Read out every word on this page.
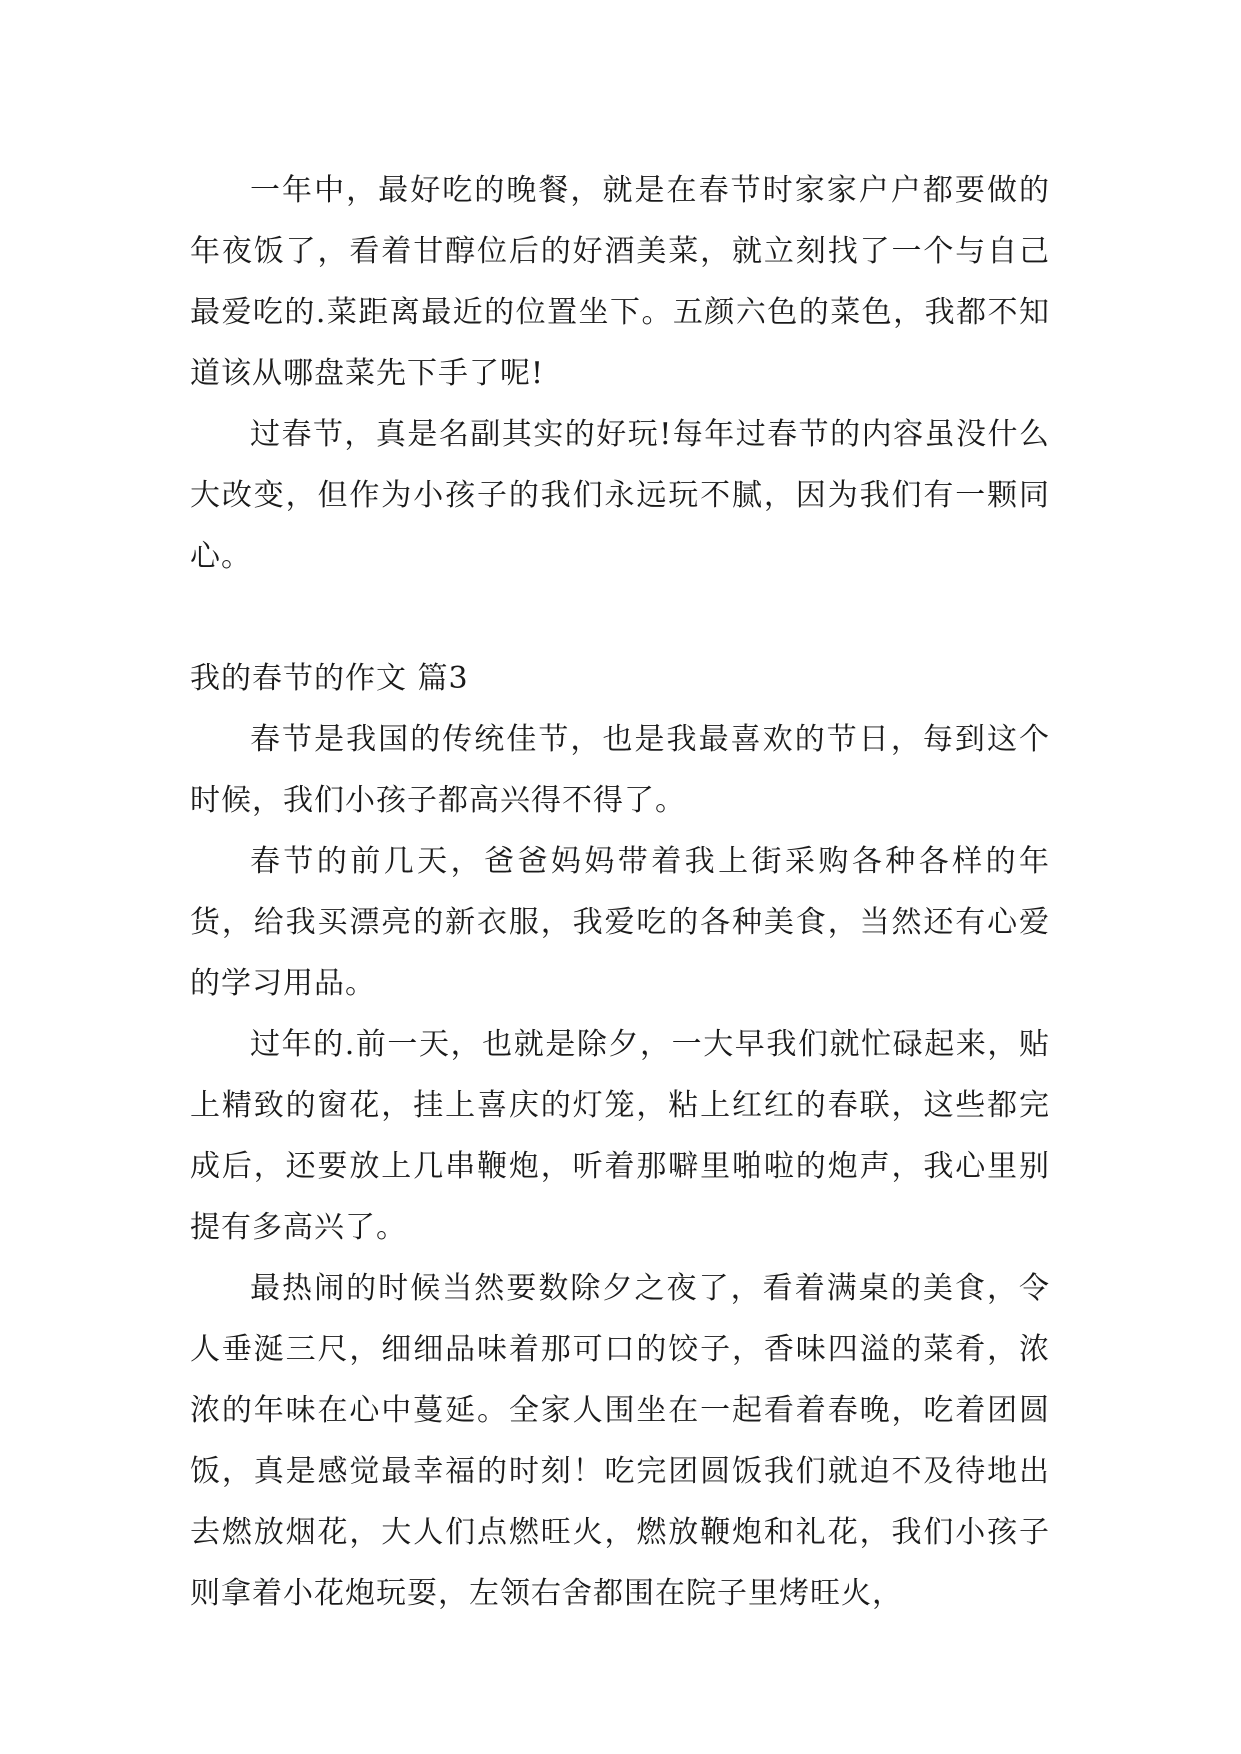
一年中，最好吃的晚餐，就是在春节时家家户户都要做的年夜饭了，看着甘醇位后的好酒美菜，就立刻找了一个与自己最爱吃的.菜距离最近的位置坐下。五颜六色的菜色，我都不知道该从哪盘菜先下手了呢!

过春节，真是名副其实的好玩!每年过春节的内容虽没什么大改变，但作为小孩子的我们永远玩不腻，因为我们有一颗同心。

我的春节的作文 篇3

春节是我国的传统佳节，也是我最喜欢的节日，每到这个时候，我们小孩子都高兴得不得了。

春节的前几天，爸爸妈妈带着我上街采购各种各样的年货，给我买漂亮的新衣服，我爱吃的各种美食，当然还有心爱的学习用品。

过年的.前一天，也就是除夕，一大早我们就忙碌起来，贴上精致的窗花，挂上喜庆的灯笼，粘上红红的春联，这些都完成后，还要放上几串鞭炮，听着那噼里啪啦的炮声，我心里别提有多高兴了。

最热闹的时候当然要数除夕之夜了，看着满桌的美食，令人垂涎三尺，细细品味着那可口的饺子，香味四溢的菜肴，浓浓的年味在心中蔓延。全家人围坐在一起看着春晚，吃着团圆饭，真是感觉最幸福的时刻！吃完团圆饭我们就迫不及待地出去燃放烟花，大人们点燃旺火，燃放鞭炮和礼花，我们小孩子则拿着小花炮玩耍，左领右舍都围在院子里烤旺火，
